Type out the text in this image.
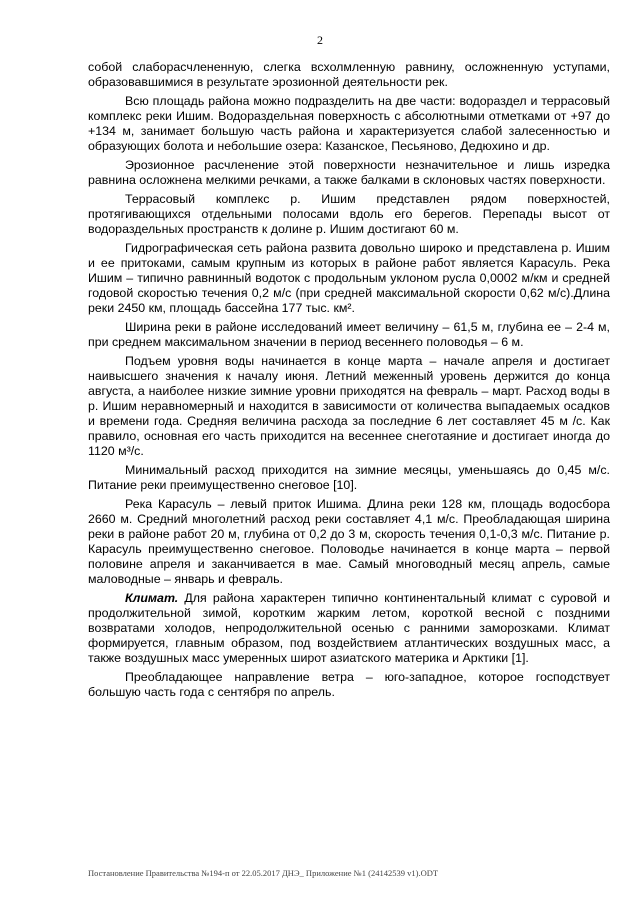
2

собой слаборасчлененную, слегка всхолмленную равнину, осложненную уступами, образовавшимися в результате эрозионной деятельности рек.

Всю площадь района можно подразделить на две части: водораздел и террасовый комплекс реки Ишим. Водораздельная поверхность с абсолютными отметками от +97 до +134 м, занимает большую часть района и характеризуется слабой залесенностью и образующих болота и небольшие озера: Казанское, Песьяново, Дедюхино и др.

Эрозионное расчленение этой поверхности незначительное и лишь изредка равнина осложнена мелкими речками, а также балками в склоновых частях поверхности.

Террасовый комплекс р. Ишим представлен рядом поверхностей, протягивающихся отдельными полосами вдоль его берегов. Перепады высот от водораздельных пространств к долине р. Ишим достигают 60 м.

Гидрографическая сеть района развита довольно широко и представлена р. Ишим и ее притоками, самым крупным из которых в районе работ является Карасуль. Река Ишим – типично равнинный водоток с продольным уклоном русла 0,0002 м/км и средней годовой скоростью течения 0,2 м/с (при средней максимальной скорости 0,62 м/с).Длина реки 2450 км, площадь бассейна 177 тыс. км².

Ширина реки в районе исследований имеет величину – 61,5 м, глубина ее – 2-4 м, при среднем максимальном значении в период весеннего половодья – 6 м.

Подъем уровня воды начинается в конце марта – начале апреля и достигает наивысшего значения к началу июня. Летний меженный уровень держится до конца августа, а наиболее низкие зимние уровни приходятся на февраль – март. Расход воды в р. Ишим неравномерный и находится в зависимости от количества выпадаемых осадков и времени года. Средняя величина расхода за последние 6 лет составляет 45 м /с. Как правило, основная его часть приходится на весеннее снеготаяние и достигает иногда до 1120 м³/с.

Минимальный расход приходится на зимние месяцы, уменьшаясь до 0,45 м/с. Питание реки преимущественно снеговое [10].

Река Карасуль – левый приток Ишима. Длина реки 128 км, площадь водосбора 2660 м. Средний многолетний расход реки составляет 4,1 м/с. Преобладающая ширина реки в районе работ 20 м, глубина от 0,2 до 3 м, скорость течения 0,1-0,3 м/с. Питание р. Карасуль преимущественно снеговое. Половодье начинается в конце марта – первой половине апреля и заканчивается в мае. Самый многоводный месяц апрель, самые маловодные – январь и февраль.

Климат. Для района характерен типично континентальный климат с суровой и продолжительной зимой, коротким жарким летом, короткой весной с поздними возвратами холодов, непродолжительной осенью с ранними заморозками. Климат формируется, главным образом, под воздействием атлантических воздушных масс, а также воздушных масс умеренных широт азиатского материка и Арктики [1].

Преобладающее направление ветра – юго-западное, которое господствует большую часть года с сентября по апрель.

Постановление Правительства №194-п от 22.05.2017 ДНЭ_ Приложение №1 (24142539 v1).ODT
